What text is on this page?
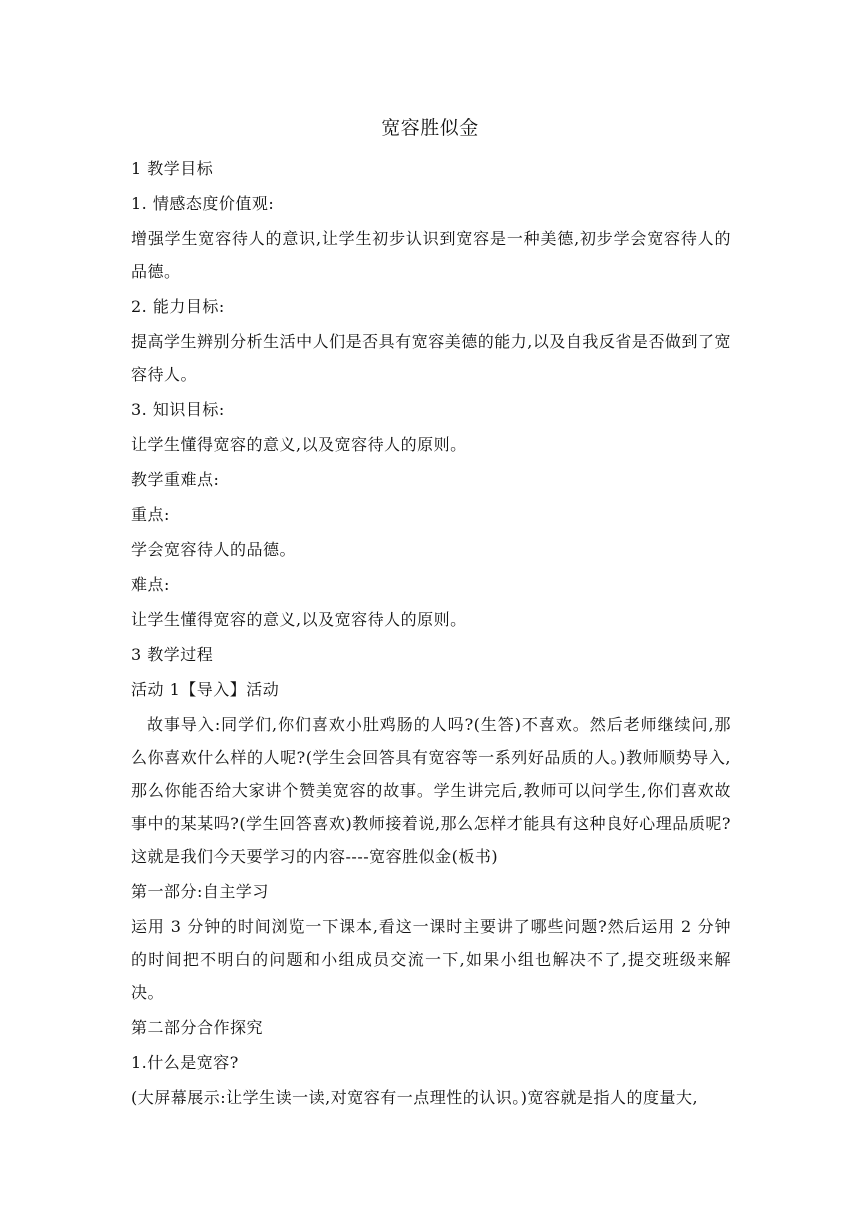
宽容胜似金

1 教学目标

1. 情感态度价值观:

增强学生宽容待人的意识,让学生初步认识到宽容是一种美德,初步学会宽容待人的品德。

2. 能力目标:

提高学生辨别分析生活中人们是否具有宽容美德的能力,以及自我反省是否做到了宽容待人。

3. 知识目标:

让学生懂得宽容的意义,以及宽容待人的原则。

教学重难点:

重点:

学会宽容待人的品德。

难点:

让学生懂得宽容的意义,以及宽容待人的原则。

3 教学过程

活动 1【导入】活动

故事导入:同学们,你们喜欢小肚鸡肠的人吗?(生答)不喜欢。然后老师继续问,那么你喜欢什么样的人呢?(学生会回答具有宽容等一系列好品质的人。)教师顺势导入,那么你能否给大家讲个赞美宽容的故事。学生讲完后,教师可以问学生,你们喜欢故事中的某某吗?(学生回答喜欢)教师接着说,那么怎样才能具有这种良好心理品质呢?这就是我们今天要学习的内容----宽容胜似金(板书)

第一部分:自主学习

运用 3 分钟的时间浏览一下课本,看这一课时主要讲了哪些问题?然后运用 2 分钟的时间把不明白的问题和小组成员交流一下,如果小组也解决不了,提交班级来解决。

第二部分合作探究

1.什么是宽容?

(大屏幕展示:让学生读一读,对宽容有一点理性的认识。)宽容就是指人的度量大,
